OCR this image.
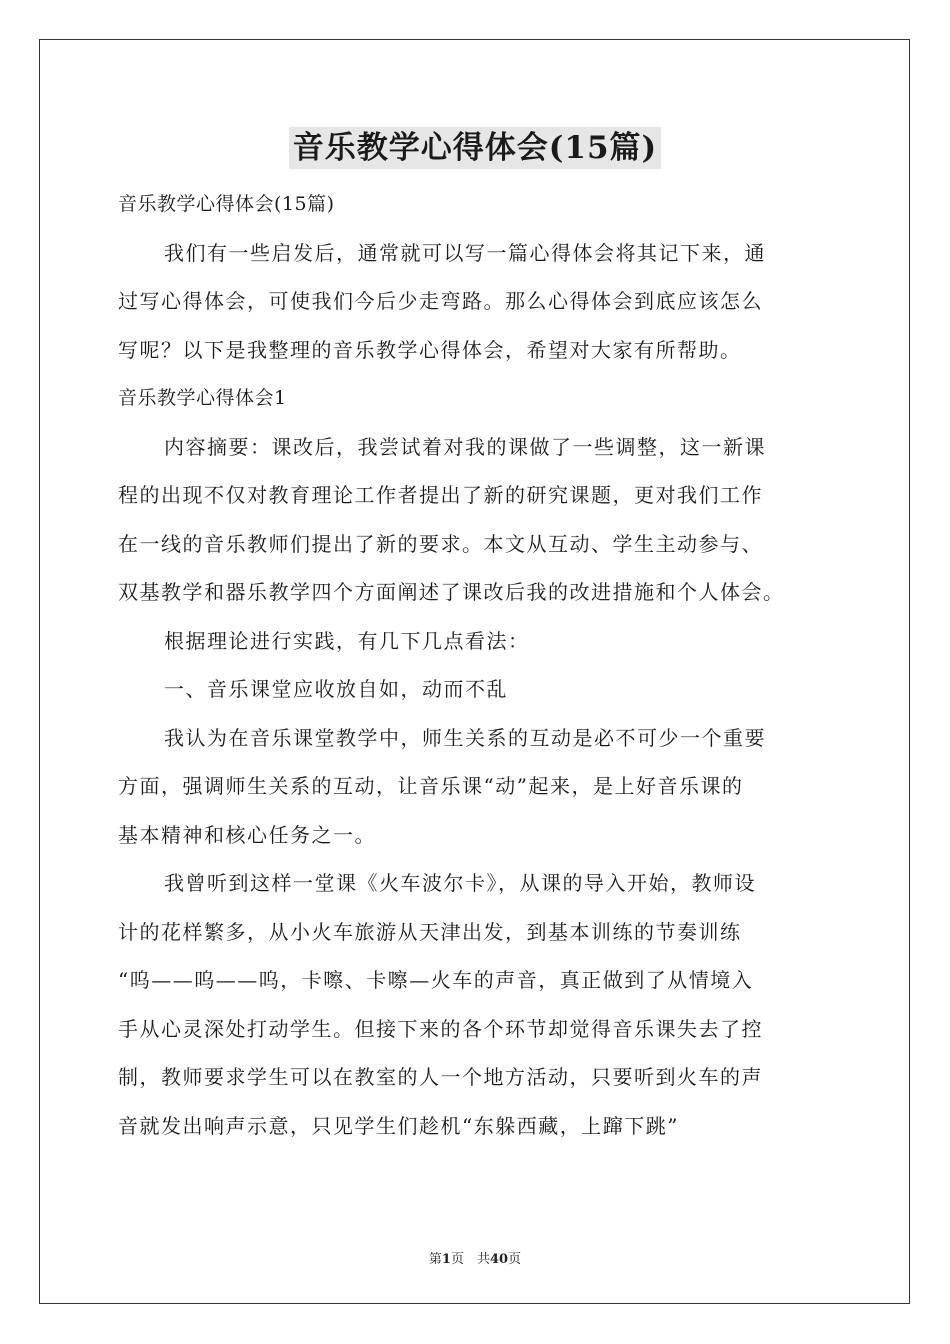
音乐教学心得体会(15篇)
音乐教学心得体会(15篇)
我们有一些启发后，通常就可以写一篇心得体会将其记下来，通
过写心得体会，可使我们今后少走弯路。那么心得体会到底应该怎么
写呢？以下是我整理的音乐教学心得体会，希望对大家有所帮助。
音乐教学心得体会1
内容摘要：课改后，我尝试着对我的课做了一些调整，这一新课
程的出现不仅对教育理论工作者提出了新的研究课题，更对我们工作
在一线的音乐教师们提出了新的要求。本文从互动、学生主动参与、
双基教学和器乐教学四个方面阐述了课改后我的改进措施和个人体会。
根据理论进行实践，有几下几点看法：
一、音乐课堂应收放自如，动而不乱
我认为在音乐课堂教学中，师生关系的互动是必不可少一个重要
方面，强调师生关系的互动，让音乐课“动”起来，是上好音乐课的
基本精神和核心任务之一。
我曾听到这样一堂课《火车波尔卡》，从课的导入开始，教师设
计的花样繁多，从小火车旅游从天津出发，到基本训练的节奏训练
“呜——呜——呜，卡嚓、卡嚓—火车的声音，真正做到了从情境入
手从心灵深处打动学生。但接下来的各个环节却觉得音乐课失去了控
制，教师要求学生可以在教室的人一个地方活动，只要听到火车的声
音就发出响声示意，只见学生们趁机“东躲西藏，上蹿下跳”
第1页　共40页
